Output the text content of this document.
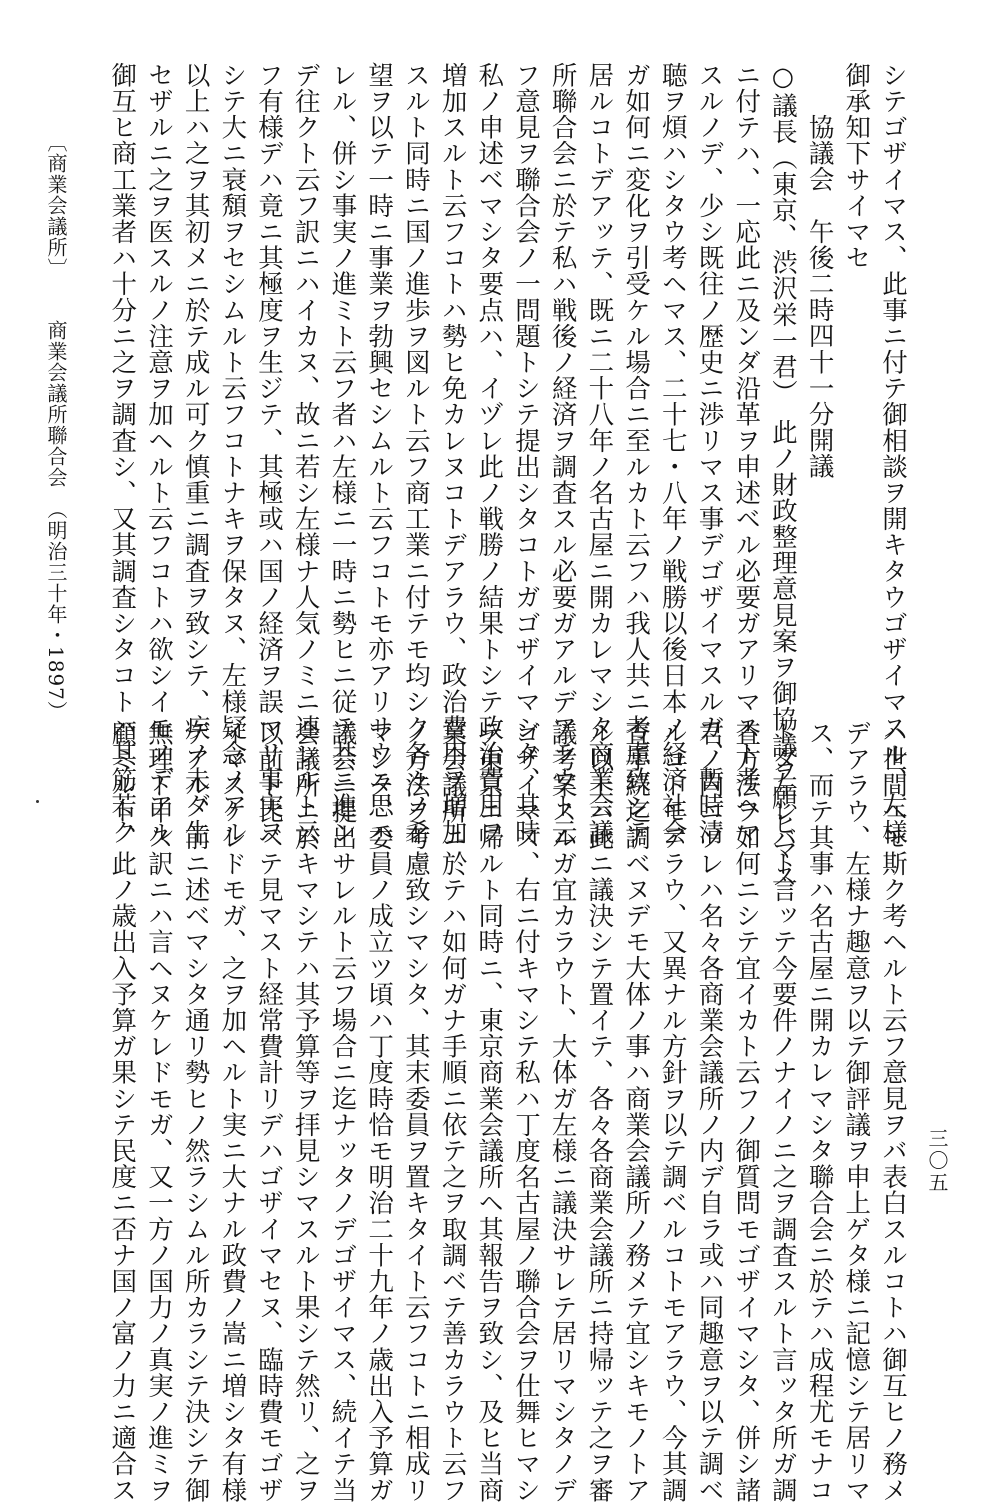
シテゴザイマス、此事ニ付テ御相談ヲ開キタウゴザイマスル、左様
御承知下サイマセ
協議会　午後二時四十一分開議
○議長（東京、渋沢栄一君）　此ノ財政整理意見案ヲ御協議ヲ願ヒマス
ニ付テハ、一応此ニ及ンダ沿革ヲ申述ベル必要ガアリマスト考ヘマ
スルノデ、少シ既往ノ歴史ニ渉リマス事デゴザイマスルガ、暫時清
聴ヲ煩ハシタウ考ヘマス、二十七・八年ノ戦勝以後日本ノ経済社会
ガ如何ニ変化ヲ引受ケル場合ニ至ルカト云フハ我人共ニ考慮致シテ
居ルコトデアッテ、既ニ二十八年ノ名古屋ニ開カレマシタ商業会議
所聯合会ニ於テ私ハ戦後ノ経済ヲ調査スル必要ガアルデアラウト云
フ意見ヲ聯合会ノ一問題トシテ提出シタコトガゴザイマシタ、其時
私ノ申述ベマシタ要点ハ、イヅレ此ノ戦勝ノ結果トシテ政治費用ヲ
増加スルト云フコトハ勢ヒ免カレヌコトデアラウ、政治費用ヲ増加
スルト同時ニ国ノ進歩ヲ図ルト云フ商工業ニ付テモ均シク各々ノ希
望ヲ以テ一時ニ事業ヲ勃興セシムルト云フコトモ亦アリサウニ思ハ
レル、併シ事実ノ進ミト云フ者ハ左様ニ一時ニ勢ヒニ従テ共ニ進ン
デ往クト云フ訳ニハイカヌ、故ニ若シ左様ナ人気ノミニ連レルト云
フ有様デハ竟ニ其極度ヲ生ジテ、其極或ハ国ノ経済ヲ誤マリ事実ヲ
シテ大ニ衰頽ヲセシムルト云フコトナキヲ保タヌ、左様疑念ノアル
以上ハ之ヲ其初メニ於テ成ル可ク慎重ニ調査ヲ致シテ、疾ノ未ダ生
セザルニ之ヲ医スルノ注意ヲ加ヘルト云フコトハ欲シイモノデアル
御互ヒ商工業者ハ十分ニ之ヲ調査シ、又其調査シタコトハ其筋若ク
ハ世間ヘモ斯ク考ヘルト云フ意見ヲバ表白スルコトハ御互ヒノ務メ
デアラウ、左様ナ趣意ヲ以テ御評議ヲ申上ゲタ様ニ記憶シテ居リマ
ス、而テ其事ハ名古屋ニ開カレマシタ聯合会ニ於テハ成程尤モナコ
トダ左レバト言ッテ今要件ノナイノニ之ヲ調査スルト言ッタ所ガ調
査方法ヲ如何ニシテ宜イカト云フノ御質問モゴザイマシタ、併シ諸
君ノ内ニソレハ名々各商業会議所ノ内デ自ラ或ハ同趣意ヲ以テ調ベ
ルコトモアラウ、又異ナル方針ヲ以テ調ベルコトモアラウ、今其調
査手続迄調ベヌデモ大体ノ事ハ商業会議所ノ務メテ宜シキモノトア
ル以上ハ此ニ議決シテ置イテ、各々各商業会議所ニ持帰ッテ之ヲ審
議考案スルガ宜カラウト、大体ガ左様ニ議決サレテ居リマシタノデ
ゴザイマス、右ニ付キマシテ私ハ丁度名古屋ノ聯合会ヲ仕舞ヒマシ
テ東京ニ帰ルト同時ニ、東京商業会議所ヘ其報告ヲ致シ、及ヒ当商
業会議所ニ於テハ如何ガナ手順ニ依テ之ヲ取調ベテ善カラウト云フ
ノ方法ヲ考慮致シマシタ、其末委員ヲ置キタイト云フコトニ相成リ
マシタ、委員ノ成立ツ頃ハ丁度時恰モ明治二十九年ノ歳出入予算ガ
議会ニ提出サレルト云フ場合ニ迄ナッタノデゴザイマス、続イテ当
会議所ニ於キマシテハ其予算等ヲ拝見シマスルト果シテ然リ、之ヲ
以前ト比ベテ見マスト経常費計リデハゴザイマセヌ、臨時費モゴザ
イマスケレドモガ、之ヲ加ヘルト実ニ大ナル政費ノ嵩ニ増シタ有様
デアル、前ニ述ベマシタ通リ勢ヒノ然ラシムル所カラシテ決シテ御
無理ト申ス訳ニハ言ヘヌケレドモガ、又一方ノ国力ノ真実ノ進ミヲ
顧ミルト、此ノ歳出入予算ガ果シテ民度ニ否ナ国ノ富ノ力ニ適合ス
〔商業会議所〕
商業会議所聯合会　（明治三十年・1897）
三〇五
